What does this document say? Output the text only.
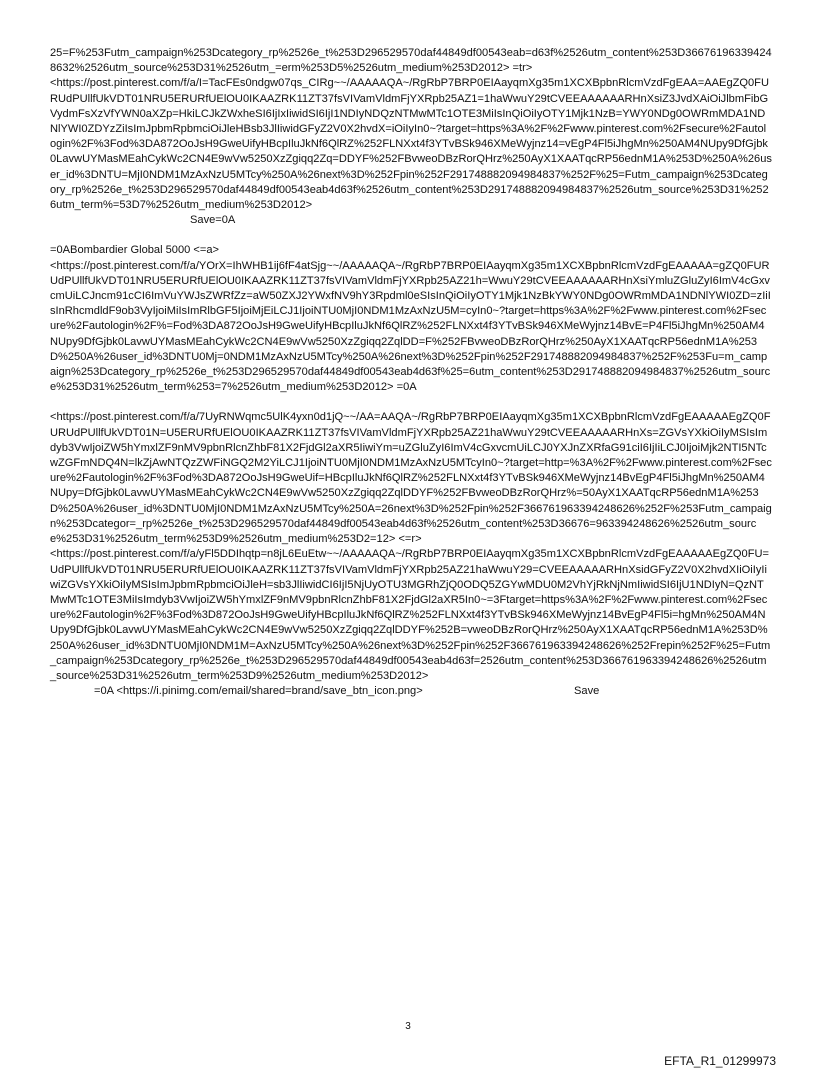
25=F%253Futm_campaign%253Dcategory_rp%2526e_t%253D296529570daf44849df00543eab=d63f%2526utm_content%253D366761963394248632%2526utm_source%253D31%2526utm_=erm%253D5%2526utm_medium%253D2012> =tr>

<https://post.pinterest.com/f/a/I=TacFEs0ndgw07qs_CIRg~~/AAAAAQA~/RgRbP7BRP0EIAayqmXg35m1XCXBpbnRlcmVzdFgEAA=AAEgZQ0FURUdPUllfUkVDT01NRU5ERURfUElOU0IKAAZRK11ZT37fsVIVamVldmFjYXRpb25AZ1=1haWwuY29tCVEEAAAAAARHnXsiZ3JvdXAiOiJlbmFibGVydmFsXzVfYWN0aXZp=HkiLCJkZWxheSI6IjIxIiwidSI6IjI1NDIyNDQzNTMwMTc1OTE3MiIsInQiOiIyOTY1Mjk1NzB=YWY0NDg0OWRmMDA1NDNlYWI0ZDYzZiIsImJpbmRpbmciOiJleHBsb3JlIiwidGFyZ2V0X2hvdX=iOiIyIn0~?target=https%3A%2F%2Fwww.pinterest.com%2Fsecure%2Fautologin%2F%3Fod%3DA872OoJsH9GweUifyHBcpIluJkNf6QlRZ%252FLNXxt4f3YTvBSk946XMeWyjnz14=vEgP4Fl5iJhgMn%250AM4NUpy9DfGjbk0LavwUYMasMEahCykWc2CN4E9wVw5250XzZgiqq2Zq=DDYF%252FBvweoDBzRorQHrz%250AyX1XAATqcRP56ednM1A%253D%250A%26user_id%3DNTU=MjI0NDM1MzAxNzU5MTcy%250A%26next%3D%252Fpin%252F291748882094984837%252F%25=Futm_campaign%253Dcategory_rp%2526e_t%253D296529570daf44849df00543eab4d63f%2526utm_content%253D291748882094984837%2526utm_source%253D31%2526utm_term%=53D7%2526utm_medium%253D2012>

Save=0A

=0ABombardier Global 5000 <=a>

<https://post.pinterest.com/f/a/YOrX=IhWHB1ij6fF4atSjg~~/AAAAAQA~/RgRbP7BRP0EIAayqmXg35m1XCXBpbnRlcmVzdFgEAAAAA=gZQ0FURUdPUllfUkVDT01NRU5ERURfUElOU0IKAAZRK11ZT37fsVIVamVldmFjYXRpb25AZ21h=WwuY29tCVEEAAAAAARHnXsiYmluZGluZyI6ImV4cGxvcmUiLCJncm91cCI6ImVuYWJsZWRfZz=aW50ZXJ2YWxfNV9hY3Rpdml0eSIsInQiOiIyOTY1Mjk1NzBkYWY0NDg0OWRmMDA1NDNlYWI0ZD=zIiIsInRhcmdldF9ob3VyIjoiMiIsImRlbGF5IjoiMjEiLCJ1IjoiNTU0MjI0NDM1MzAxNzU5M=cyIn0~?target=https%3A%2F%2Fwww.pinterest.com%2Fsecure%2Fautologin%2F%=Fod%3DA872OoJsH9GweUifyHBcpIluJkNf6QlRZ%252FLNXxt4f3YTvBSk946XMeWyjnz14BvE=P4Fl5iJhgMn%250AM4NUpy9DfGjbk0LavwUYMasMEahCykWc2CN4E9wVw5250XzZgiqq2ZqlDD=F%252FBvweoDBzRorQHrz%250AyX1XAATqcRP56ednM1A%253D%250A%26user_id%3DNTU0Mj=0NDM1MzAxNzU5MTcy%250A%26next%3D%252Fpin%252F291748882094984837%252F%253Fu=m_campaign%253Dcategory_rp%2526e_t%253D296529570daf44849df00543eab4d63f%25=6utm_content%253D291748882094984837%2526utm_source%253D31%2526utm_term%253=7%2526utm_medium%253D2012> =0A

<https://post.pinterest.com/f/a/7UyRNWqmc5UlK4yxn0d1jQ~~/AA=AAQA~/RgRbP7BRP0EIAayqmXg35m1XCXBpbnRlcmVzdFgEAAAAAEgZQ0FURUdPUllfUkVDT01N=U5ERURfUElOU0IKAAZRK11ZT37fsVIVamVldmFjYXRpb25AZ21haWwuY29tCVEEAAAAARHnXs=ZGVsYXkiOiIyMSIsImdyb3VwIjoiZW5hYmxlZF9nMV9pbnRlcnZhbF81X2FjdGl2aXR5IiwiYm=uZGluZyI6ImV4cGxvcmUiLCJ0YXJnZXRfaG91ciI6IjIiLCJ0IjoiMjk2NTI5NTcwZGFmNDQ4N=lkZjAwNTQzZWFiNGQ2M2YiLCJ1IjoiNTU0MjI0NDM1MzAxNzU5MTcyIn0~?target=http=%3A%2F%2Fwww.pinterest.com%2Fsecure%2Fautologin%2F%3Fod%3DA872OoJsH9GweUif=HBcpIluJkNf6QlRZ%252FLNXxt4f3YTvBSk946XMeWyjnz14BvEgP4Fl5iJhgMn%250AM4NUpy=DfGjbk0LavwUYMasMEahCykWc2CN4E9wVw5250XzZgiqq2ZqlDDYF%252FBvweoDBzRorQHrz%=50AyX1XAATqcRP56ednM1A%253D%250A%26user_id%3DNTU0MjI0NDM1MzAxNzU5MTcy%250A=26next%3D%252Fpin%252F366761963394248626%252F%253Futm_campaign%253Dcategor=_rp%2526e_t%253D296529570daf44849df00543eab4d63f%2526utm_content%253D36676=963394248626%2526utm_source%253D31%2526utm_term%253D9%2526utm_medium%253D2=12> <=r>

<https://post.pinterest.com/f/a/yFl5DDIhqtp=n8jL6EuEtw~~/AAAAAQA~/RgRbP7BRP0EIAayqmXg35m1XCXBpbnRlcmVzdFgEAAAAAEgZQ0FU=UdPUllfUkVDT01NRU5ERURfUElOU0IKAAZRK11ZT37fsVIVamVldmFjYXRpb25AZ21haWwuY29=CVEEAAAAARHnXsidGFyZ2V0X2hvdXIiOiIyIiwiZGVsYXkiOiIyMSIsImJpbmRpbmciOiJleH=sb3JlIiwidCI6IjI5NjUyOTU3MGRhZjQ0ODQ5ZGYwMDU0M2VhYjRkNjNmIiwidSI6IjU1NDIyN=QzNTMwMTc1OTE3MiIsImdyb3VwIjoiZW5hYmxlZF9nMV9pbnRlcnZhbF81X2FjdGl2aXR5In0~=3Ftarget=https%3A%2F%2Fwww.pinterest.com%2Fsecure%2Fautologin%2F%3Fod%3D872OoJsH9GweUifyHBcpIluJkNf6QlRZ%252FLNXxt4f3YTvBSk946XMeWyjnz14BvEgP4Fl5i=hgMn%250AM4NUpy9DfGjbk0LavwUYMasMEahCykWc2CN4E9wVw5250XzZgiqq2ZqlDDYF%252B=vweoDBzRorQHrz%250AyX1XAATqcRP56ednM1A%253D%250A%26user_id%3DNTU0MjI0NDM1M=AxNzU5MTcy%250A%26next%3D%252Fpin%252F366761963394248626%252Frepin%252F%25=Futm_campaign%253Dcategory_rp%2526e_t%253D296529570daf44849df00543eab4d63f=2526utm_content%253D366761963394248626%2526utm_source%253D31%2526utm_term%253D9%2526utm_medium%253D2012>

=0A <https://i.pinimg.com/email/shared=brand/save_btn_icon.png>	Save
3
EFTA_R1_01299973
